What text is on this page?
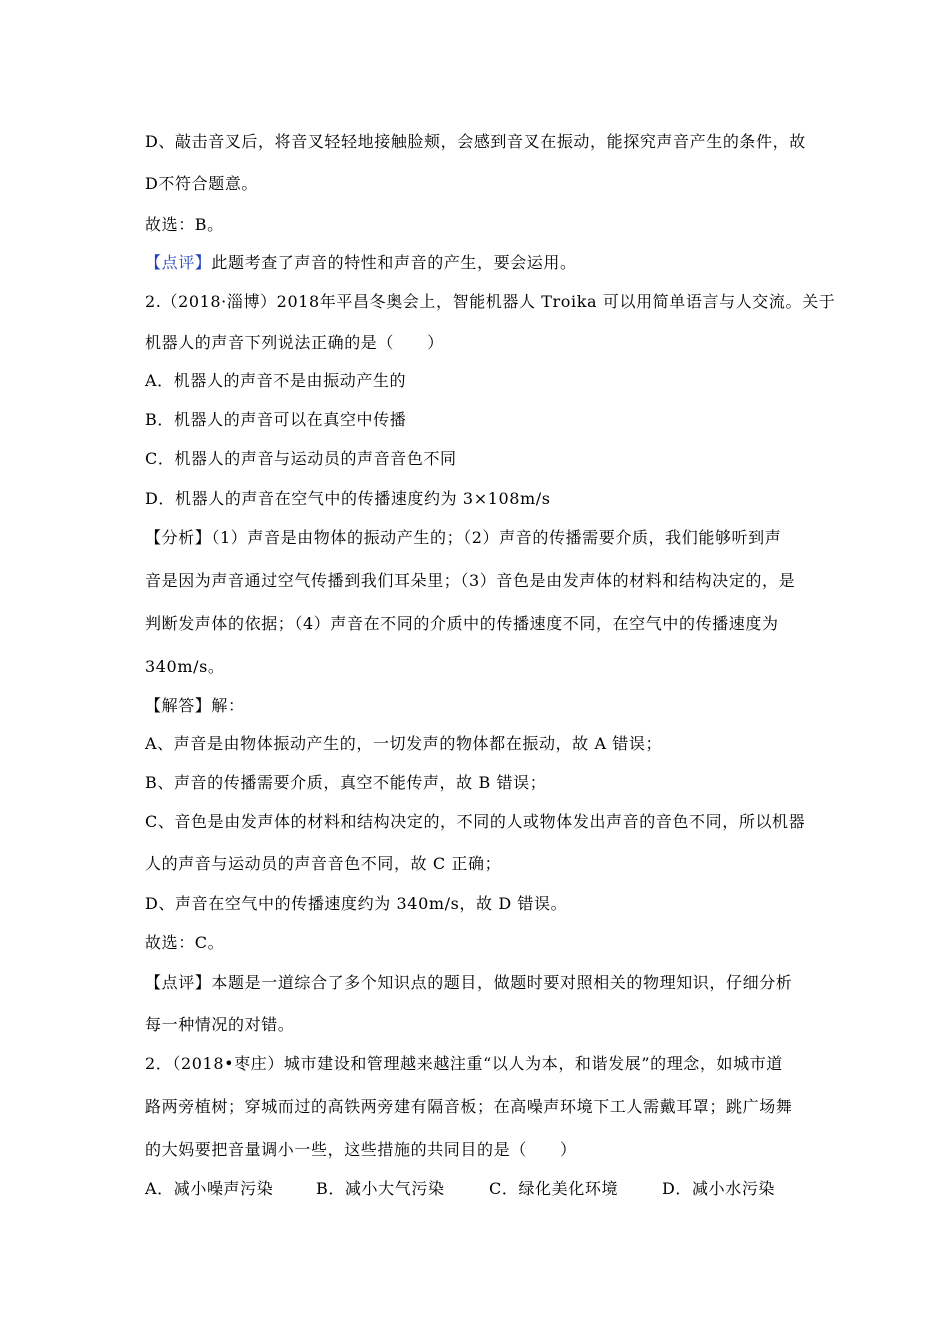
D、敲击音叉后，将音叉轻轻地接触脸颊，会感到音叉在振动，能探究声音产生的条件，故
D不符合题意。
故选：B。
【点评】此题考查了声音的特性和声音的产生，要会运用。
2.（2018·淄博）2018年平昌冬奥会上，智能机器人 Troika 可以用简单语言与人交流。关于
机器人的声音下列说法正确的是（　　）
A．机器人的声音不是由振动产生的
B．机器人的声音可以在真空中传播
C．机器人的声音与运动员的声音音色不同
D．机器人的声音在空气中的传播速度约为 3×108m/s
【分析】（1）声音是由物体的振动产生的；（2）声音的传播需要介质，我们能够听到声
音是因为声音通过空气传播到我们耳朵里；（3）音色是由发声体的材料和结构决定的，是
判断发声体的依据；（4）声音在不同的介质中的传播速度不同，在空气中的传播速度为
340m/s。
【解答】解：
A、声音是由物体振动产生的，一切发声的物体都在振动，故 A 错误；
B、声音的传播需要介质，真空不能传声，故 B 错误；
C、音色是由发声体的材料和结构决定的，不同的人或物体发出声音的音色不同，所以机器
人的声音与运动员的声音音色不同，故 C 正确；
D、声音在空气中的传播速度约为 340m/s，故 D 错误。
故选：C。
【点评】本题是一道综合了多个知识点的题目，做题时要对照相关的物理知识，仔细分析
每一种情况的对错。
2．（2018•枣庄）城市建设和管理越来越注重“以人为本，和谐发展”的理念，如城市道
路两旁植树；穿城而过的高铁两旁建有隔音板；在高噪声环境下工人需戴耳罩；跳广场舞
的大妈要把音量调小一些，这些措施的共同目的是（　　）
A．减小噪声污染	B．减小大气污染	C．绿化美化环境	D．减小水污染
